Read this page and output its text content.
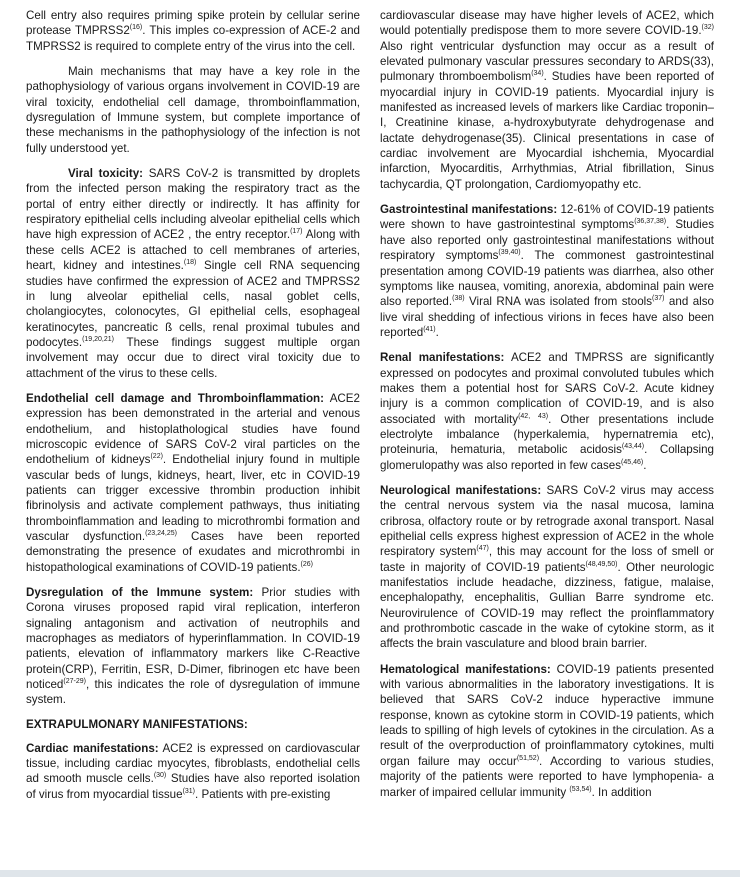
Cell entry also requires priming spike protein by cellular serine protease TMPRSS2$^{(16)}$. This imples co-expression of ACE-2 and TMPRSS2 is required to complete entry of the virus into the cell.

Main mechanisms that may have a key role in the pathophysiology of various organs involvement in COVID-19 are viral toxicity, endothelial cell damage, thromboinflammation, dysregulation of Immune system, but complete importance of these mechanisms in the pathophysiology of the infection is not fully understood yet.

Viral toxicity: SARS CoV-2 is transmitted by droplets from the infected person making the respiratory tract as the portal of entry either directly or indirectly. It has affinity for respiratory epithelial cells including alveolar epithelial cells which have high expression of ACE2 , the entry receptor.$^{(17)}$ Along with these cells ACE2 is attached to cell membranes of arteries, heart, kidney and intestines.$^{(18)}$ Single cell RNA sequencing studies have confirmed the expression of ACE2 and TMPRSS2 in lung alveolar epithelial cells, nasal goblet cells, cholangiocytes, colonocytes, GI epithelial cells, esophageal keratinocytes, pancreatic ß cells, renal proximal tubules and podocytes.$^{(19,20,21)}$ These findings suggest multiple organ involvement may occur due to direct viral toxicity due to attachment of the virus to these cells.

Endothelial cell damage and Thromboinflammation: ACE2 expression has been demonstrated in the arterial and venous endothelium, and histoplathological studies have found microscopic evidence of SARS CoV-2 viral particles on the endothelium of kidneys$^{(22)}$. Endothelial injury found in multiple vascular beds of lungs, kidneys, heart, liver, etc in COVID-19 patients can trigger excessive thrombin production inhibit fibrinolysis and activate complement pathways, thus initiating thromboinflammation and leading to microthrombi formation and vascular dysfunction.$^{(23,24,25)}$ Cases have been reported demonstrating the presence of exudates and microthrombi in histopathological examinations of COVID-19 patients.$^{(26)}$

Dysregulation of the Immune system: Prior studies with Corona viruses proposed rapid viral replication, interferon signaling antagonism and activation of neutrophils and macrophages as mediators of hyperinflammation. In COVID-19 patients, elevation of inflammatory markers like C-Reactive protein(CRP), Ferritin, ESR, D-Dimer, fibrinogen etc have been noticed$^{(27-29)}$, this indicates the role of dysregulation of immune system.

EXTRAPULMONARY MANIFESTATIONS:

Cardiac manifestations: ACE2 is expressed on cardiovascular tissue, including cardiac myocytes, fibroblasts, endothelial cells ad smooth muscle cells.$^{(30)}$ Studies have also reported isolation of virus from myocardial tissue$^{(31)}$. Patients with pre-existing

cardiovascular disease may have higher levels of ACE2, which would potentially predispose them to more severe COVID-19.$^{(32)}$ Also right ventricular dysfunction may occur as a result of elevated pulmonary vascular pressures secondary to ARDS(33), pulmonary thromboembolism$^{(34)}$. Studies have been reported of myocardial injury in COVID-19 patients. Myocardial injury is manifested as increased levels of markers like Cardiac troponin–I, Creatinine kinase, a-hydroxybutyrate dehydrogenase and lactate dehydrogenase(35). Clinical presentations in case of cardiac involvement are Myocardial ishchemia, Myocardial infarction, Myocarditis, Arrhythmias, Atrial fibrillation, Sinus tachycardia, QT prolongation, Cardiomyopathy etc.

Gastrointestinal manifestations: 12-61% of COVID-19 patients were shown to have gastrointestinal symptoms$^{(36,37,38)}$. Studies have also reported only gastrointestinal manifestations without respiratory symptoms$^{(39,40)}$. The commonest gastrointestinal presentation among COVID-19 patients was diarrhea, also other symptoms like nausea, vomiting, anorexia, abdominal pain were also reported.$^{(38)}$ Viral RNA was isolated from stools$^{(37)}$ and also live viral shedding of infectious virions in feces have also been reported$^{(41)}$.

Renal manifestations: ACE2 and TMPRSS are significantly expressed on podocytes and proximal convoluted tubules which makes them a potential host for SARS CoV-2. Acute kidney injury is a common complication of COVID-19, and is also associated with mortality$^{(42, 43)}$. Other presentations include electrolyte imbalance (hyperkalemia, hypernatremia etc), proteinuria, hematuria, metabolic acidosis$^{(43,44)}$. Collapsing glomerulopathy was also reported in few cases$^{(45,46)}$.

Neurological manifestations: SARS CoV-2 virus may access the central nervous system via the nasal mucosa, lamina cribrosa, olfactory route or by retrograde axonal transport. Nasal epithelial cells express highest expression of ACE2 in the whole respiratory system$^{(47)}$, this may account for the loss of smell or taste in majority of COVID-19 patients$^{(48,49,50)}$. Other neurologic manifestatios include headache, dizziness, fatigue, malaise, encephalopathy, encephalitis, Gullian Barre syndrome etc. Neurovirulence of COVID-19 may reflect the proinflammatory and prothrombotic cascade in the wake of cytokine storm, as it affects the brain vasculature and blood brain barrier.

Hematological manifestations: COVID-19 patients presented with various abnormalities in the laboratory investigations. It is believed that SARS CoV-2 induce hyperactive immune response, known as cytokine storm in COVID-19 patients, which leads to spilling of high levels of cytokines in the circulation. As a result of the overproduction of proinflammatory cytokines, multi organ failure may occur$^{(51,52)}$. According to various studies, majority of the patients were reported to have lymphopenia- a marker of impaired cellular immunity $^{(53,54)}$. In addition
